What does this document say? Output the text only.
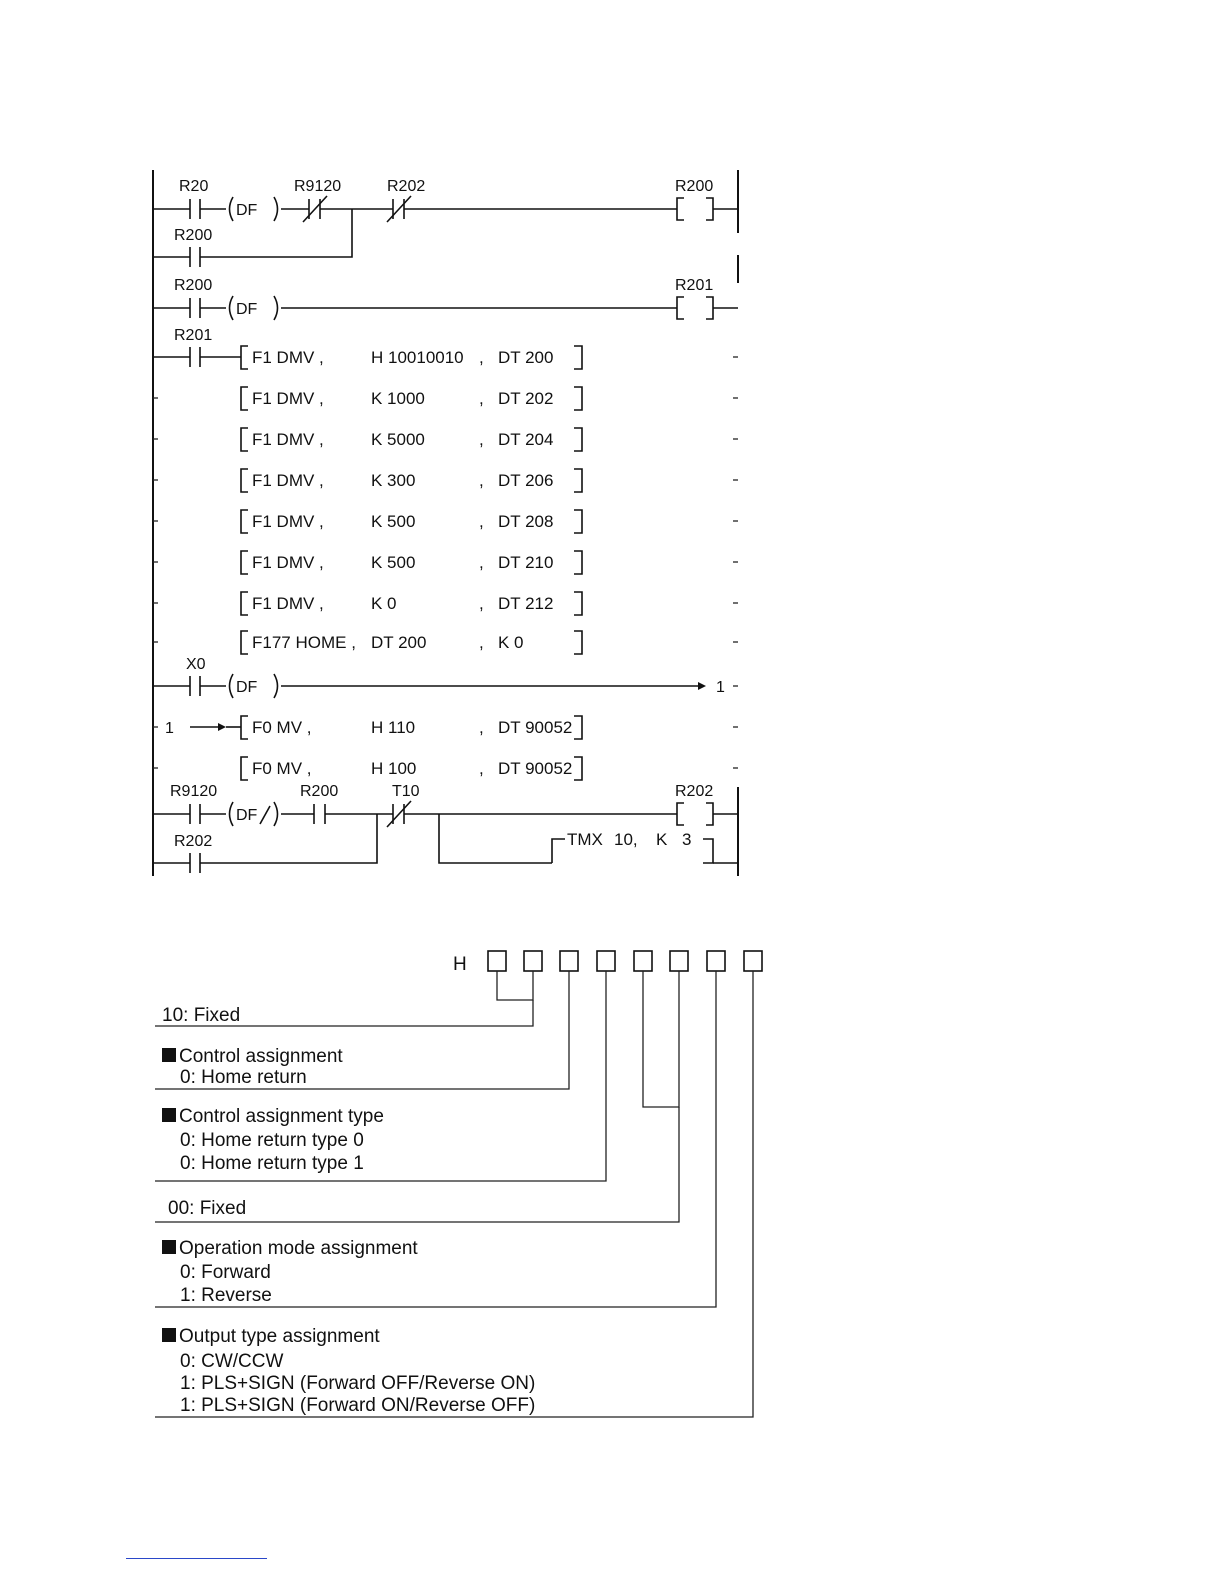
R20
DF
R9120	R202	R200
R200
R200
DF
R201
R201
F1 DMV ,	H 10010010 , DT 200
F1 DMV ,	K 1000	, DT 202
F1 DMV ,	K 5000	, DT 204
F1 DMV ,	K 300	, DT 206
F1 DMV ,	K 500	, DT 208
F1 DMV ,	K 500	, DT 210
F1 DMV ,	K 0	, DT 212
F177 HOME , DT 200	, K 0
X0
DF	1
1	F0 MV ,	H 110	, DT 90052
F0 MV ,	H 100	, DT 90052
R9120
DF
R200	T10	R202
R202	TMX 10, K 3
H
10: Fixed
Control assignment
0: Home return
Control assignment type
0: Home return type 0
0: Home return type 1
00: Fixed
Operation mode assignment
0: Forward
1: Reverse
Output type assignment
0: CW/CCW
1: PLS+SIGN (Forward OFF/Reverse ON)
1: PLS+SIGN (Forward ON/Reverse OFF)
